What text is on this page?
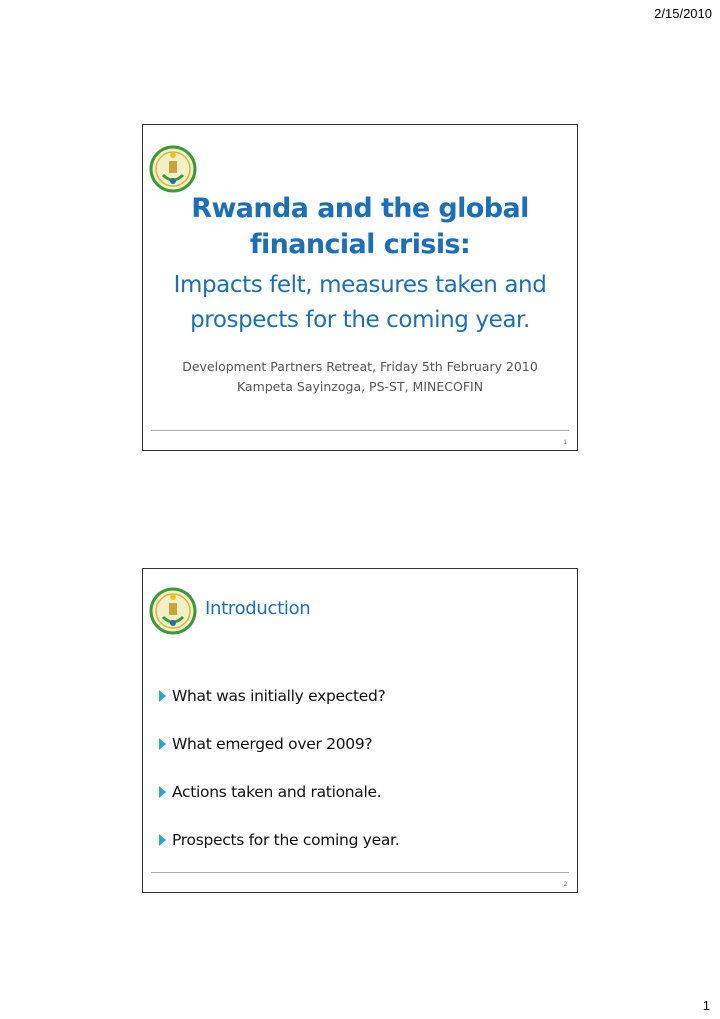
2/15/2010
Rwanda and the global financial crisis:
Impacts felt, measures taken and prospects for the coming year.
Development Partners Retreat, Friday 5th February 2010
Kampeta Sayinzoga, PS-ST, MINECOFIN
1
Introduction
What was initially expected?
What emerged over 2009?
Actions taken and rationale.
Prospects for the coming year.
2
1
